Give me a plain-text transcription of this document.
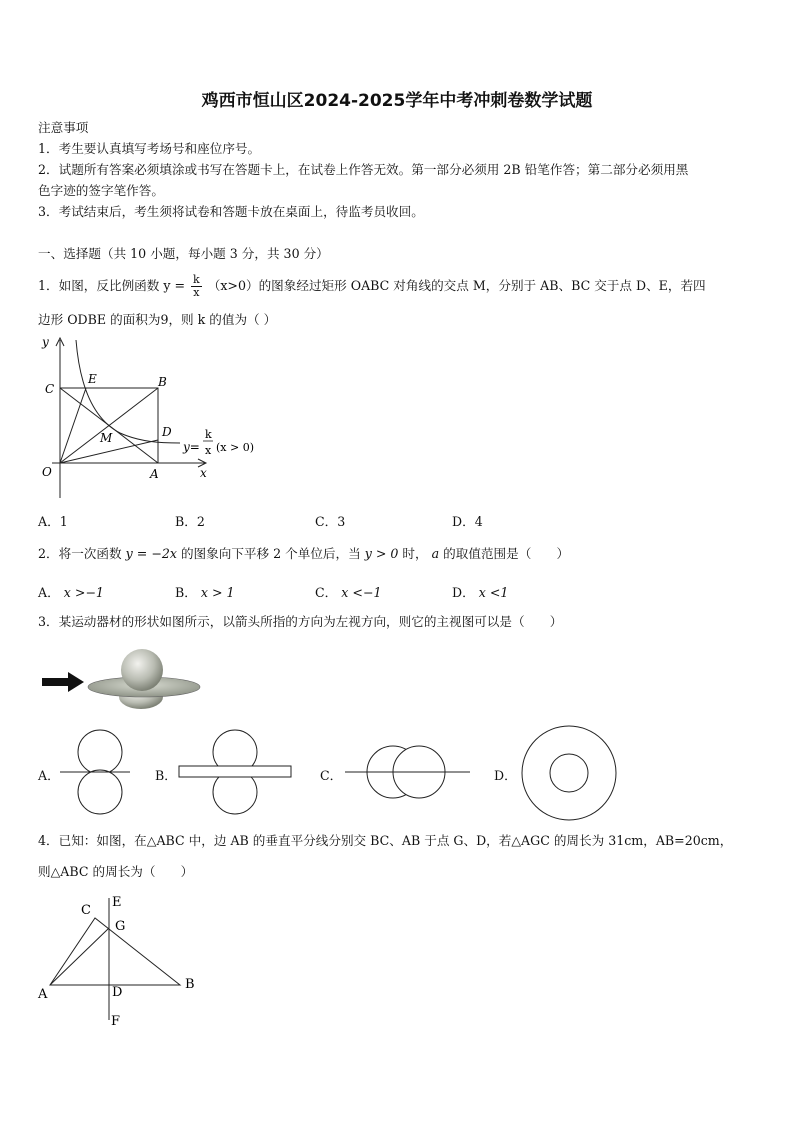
鸡西市恒山区2024-2025学年中考冲刺卷数学试题
注意事项
1．考生要认真填写考场号和座位序号。
2．试题所有答案必须填涂或书写在答题卡上，在试卷上作答无效。第一部分必须用 2B 铅笔作答；第二部分必须用黑
色字迹的签字笔作答。
3．考试结束后，考生须将试卷和答题卡放在桌面上，待监考员收回。
一、选择题（共 10 小题，每小题 3 分，共 30 分）
1．如图，反比例函数 $y = \frac{k}{x} (x>0)$的图象经过矩形 OABC 对角线的交点 M，分别于 AB、BC 交于点 D、E，若四
边形 ODBE 的面积为9，则 k 的值为（ ）
y
x
O	A
B
C
D
E
M
y=
k
x (x > 0)
A．1	B．2	C．3	D．4
2．将一次函数 y = −2x 的图象向下平移 2 个单位后，当 y > 0 时， a 的取值范围是（　　）
A． x >−1	B． x > 1	C． x <−1	D． x <1
3．某运动器材的形状如图所示，以箭头所指的方向为左视方向，则它的主视图可以是（　　）
A．	B．	C．	D．
4．已知：如图，在△ABC 中，边 AB 的垂直平分线分别交 BC、AB 于点 G、D，若△AGC 的周长为 31cm，AB=20cm，
则△ABC 的周长为（　　）
A
B
C
D
E
F
G
